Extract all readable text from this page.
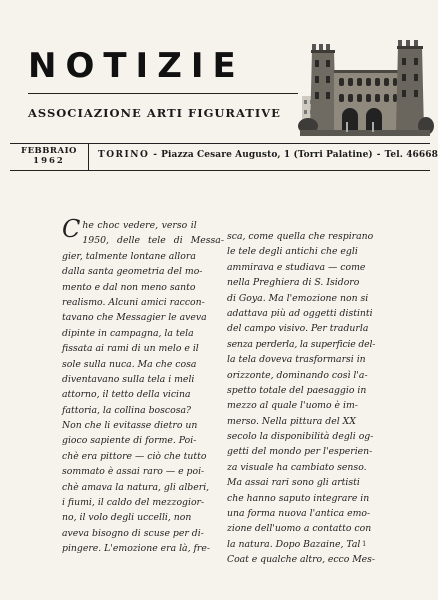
NOTIZIE

ASSOCIAZIONE ARTI FIGURATIVE

FEBBRAIO
1962
TORINO - Piazza Cesare Augusto, 1 (Torri Palatine) - Tel. 46668
C he choc vedere, verso il
1950, delle tele di Messa-
gier, talmente lontane allora
dalla santa geometria del mo-
mento e dal non meno santo
realismo. Alcuni amici raccon-
tavano che Messagier le aveva
dipinte in campagna, la tela
fissata ai rami di un melo e il
sole sulla nuca. Ma che cosa
diventavano sulla tela i meli
attorno, il tetto della vicina
fattoria, la collina boscosa?
Non che li evitasse dietro un
gioco sapiente di forme. Poi-
chè era pittore — ciò che tutto
sommato è assai raro — e poi-
chè amava la natura, gli alberi,
i fiumi, il caldo del mezzogior-
no, il volo degli uccelli, non
aveva bisogno di scuse per di-
pingere. L'emozione era là, fre-
sca, come quella che respirano
le tele degli antichi che egli
ammirava e studiava — come
nella Preghiera di S. Isidoro
di Goya. Ma l'emozione non si
adattava più ad oggetti distinti
del campo visivo. Per tradurla
senza perderla, la superficie del-
la tela doveva trasformarsi in
orizzonte, dominando così l'a-
spetto totale del paesaggio in
mezzo al quale l'uomo è im-
merso. Nella pittura del XX
secolo la disponibilità degli og-
getti del mondo per l'esperien-
za visuale ha cambiato senso.
Ma assai rari sono gli artisti
che hanno saputo integrare in
una forma nuova l'antica emo-
zione dell'uomo a contatto con
la natura. Dopo Bazaine, Tal
Coat e qualche altro, ecco Mes-
1
